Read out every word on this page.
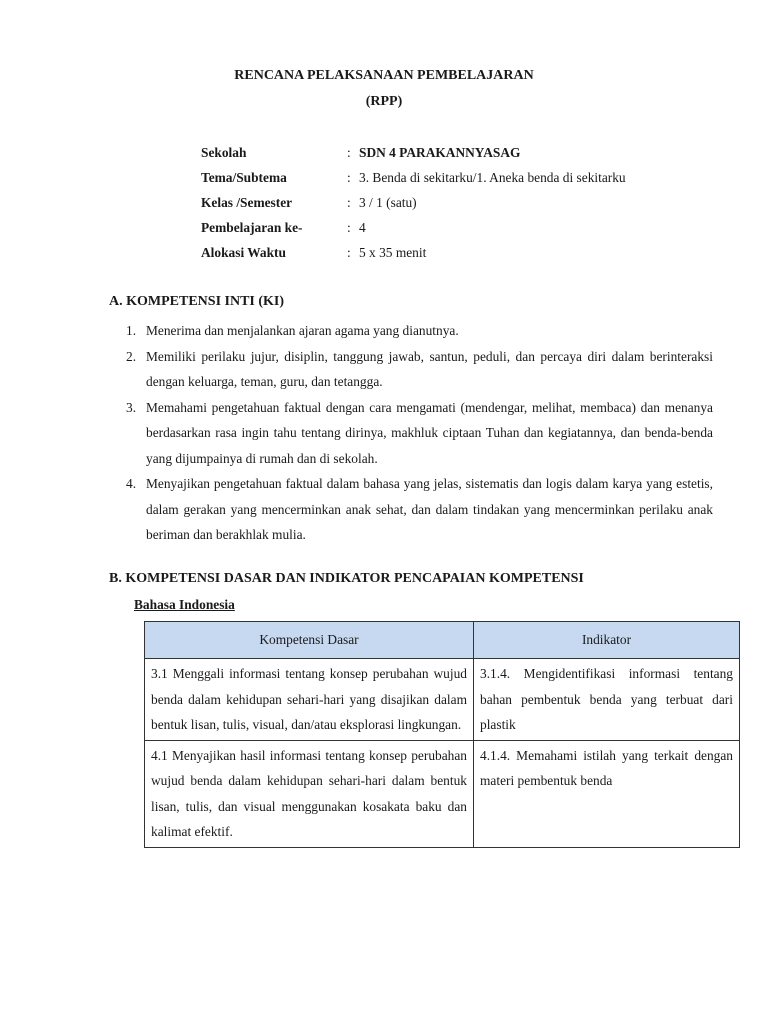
RENCANA PELAKSANAAN PEMBELAJARAN
(RPP)
Sekolah	: SDN 4 PARAKANNYASAG
Tema/Subtema	: 3. Benda di sekitarku/1. Aneka benda di sekitarku
Kelas /Semester	: 3 / 1 (satu)
Pembelajaran ke-	: 4
Alokasi Waktu	: 5 x 35 menit
A. KOMPETENSI INTI (KI)
1. Menerima dan menjalankan ajaran agama yang dianutnya.
2. Memiliki perilaku jujur, disiplin, tanggung jawab, santun, peduli, dan percaya diri dalam berinteraksi dengan keluarga, teman, guru, dan tetangga.
3. Memahami pengetahuan faktual dengan cara mengamati (mendengar, melihat, membaca) dan menanya berdasarkan rasa ingin tahu tentang dirinya, makhluk ciptaan Tuhan dan kegiatannya, dan benda-benda yang dijumpainya di rumah dan di sekolah.
4. Menyajikan pengetahuan faktual dalam bahasa yang jelas, sistematis dan logis dalam karya yang estetis, dalam gerakan yang mencerminkan anak sehat, dan dalam tindakan yang mencerminkan perilaku anak beriman dan berakhlak mulia.
B. KOMPETENSI DASAR DAN INDIKATOR PENCAPAIAN KOMPETENSI
Bahasa Indonesia
Kompetensi Dasar	Indikator
3.1 Menggali informasi tentang konsep perubahan wujud benda dalam kehidupan sehari-hari yang disajikan dalam bentuk lisan, tulis, visual, dan/atau eksplorasi lingkungan.	3.1.4. Mengidentifikasi informasi tentang bahan pembentuk benda yang terbuat dari plastik
4.1 Menyajikan hasil informasi tentang konsep perubahan wujud benda dalam kehidupan sehari-hari dalam bentuk lisan, tulis, dan visual menggunakan kosakata baku dan kalimat efektif.	4.1.4. Memahami istilah yang terkait dengan materi pembentuk benda
